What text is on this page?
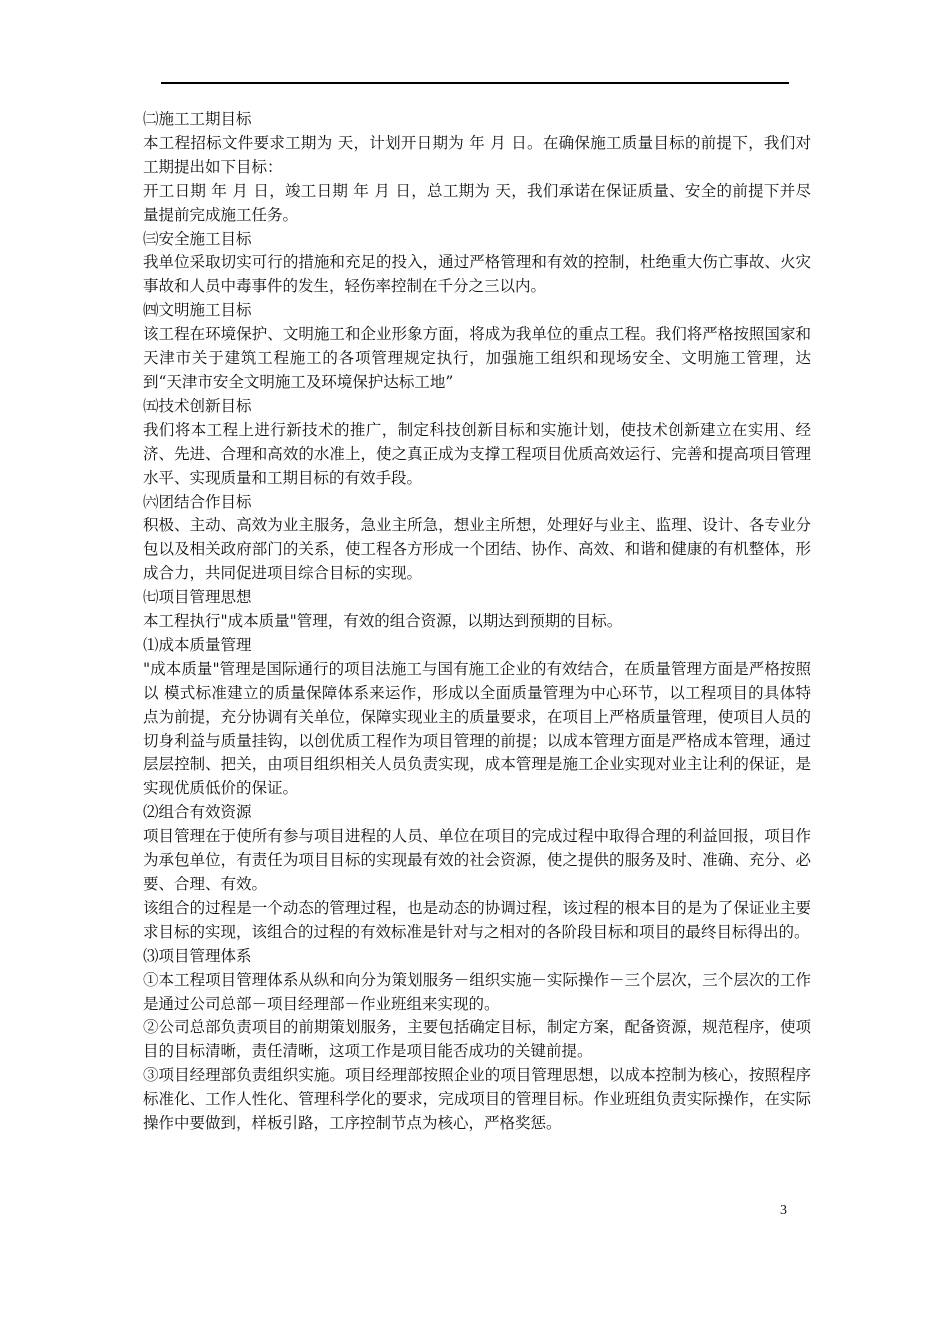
㈡施工工期目标

本工程招标文件要求工期为 天，计划开日期为 年 月 日。在确保施工质量目标的前提下，我们对工期提出如下目标：

开工日期 年 月 日，竣工日期 年 月 日，总工期为 天，我们承诺在保证质量、安全的前提下并尽量提前完成施工任务。

㈢安全施工目标

我单位采取切实可行的措施和充足的投入，通过严格管理和有效的控制，杜绝重大伤亡事故、火灾事故和人员中毒事件的发生，轻伤率控制在千分之三以内。

㈣文明施工目标

该工程在环境保护、文明施工和企业形象方面，将成为我单位的重点工程。我们将严格按照国家和天津市关于建筑工程施工的各项管理规定执行，加强施工组织和现场安全、文明施工管理，达到“天津市安全文明施工及环境保护达标工地”

㈤技术创新目标

我们将本工程上进行新技术的推广，制定科技创新目标和实施计划，使技术创新建立在实用、经济、先进、合理和高效的水准上，使之真正成为支撑工程项目优质高效运行、完善和提高项目管理水平、实现质量和工期目标的有效手段。

㈥团结合作目标

积极、主动、高效为业主服务，急业主所急，想业主所想，处理好与业主、监理、设计、各专业分包以及相关政府部门的关系，使工程各方形成一个团结、协作、高效、和谐和健康的有机整体，形成合力，共同促进项目综合目标的实现。

㈦项目管理思想

本工程执行"成本质量"管理，有效的组合资源，以期达到预期的目标。

⑴成本质量管理

"成本质量"管理是国际通行的项目法施工与国有施工企业的有效结合，在质量管理方面是严格按照以 模式标准建立的质量保障体系来运作，形成以全面质量管理为中心环节，以工程项目的具体特点为前提，充分协调有关单位，保障实现业主的质量要求，在项目上严格质量管理，使项目人员的切身利益与质量挂钩，以创优质工程作为项目管理的前提；以成本管理方面是严格成本管理，通过层层控制、把关，由项目组织相关人员负责实现，成本管理是施工企业实现对业主让利的保证，是实现优质低价的保证。

⑵组合有效资源

项目管理在于使所有参与项目进程的人员、单位在项目的完成过程中取得合理的利益回报，项目作为承包单位，有责任为项目目标的实现最有效的社会资源，使之提供的服务及时、准确、充分、必要、合理、有效。

该组合的过程是一个动态的管理过程，也是动态的协调过程，该过程的根本目的是为了保证业主要求目标的实现，该组合的过程的有效标准是针对与之相对的各阶段目标和项目的最终目标得出的。

⑶项目管理体系

①本工程项目管理体系从纵和向分为策划服务－组织实施－实际操作－三个层次，三个层次的工作是通过公司总部－项目经理部－作业班组来实现的。

②公司总部负责项目的前期策划服务，主要包括确定目标，制定方案，配备资源，规范程序，使项目的目标清晰，责任清晰，这项工作是项目能否成功的关键前提。

③项目经理部负责组织实施。项目经理部按照企业的项目管理思想，以成本控制为核心，按照程序标准化、工作人性化、管理科学化的要求，完成项目的管理目标。作业班组负责实际操作，在实际操作中要做到，样板引路，工序控制节点为核心，严格奖惩。

3
